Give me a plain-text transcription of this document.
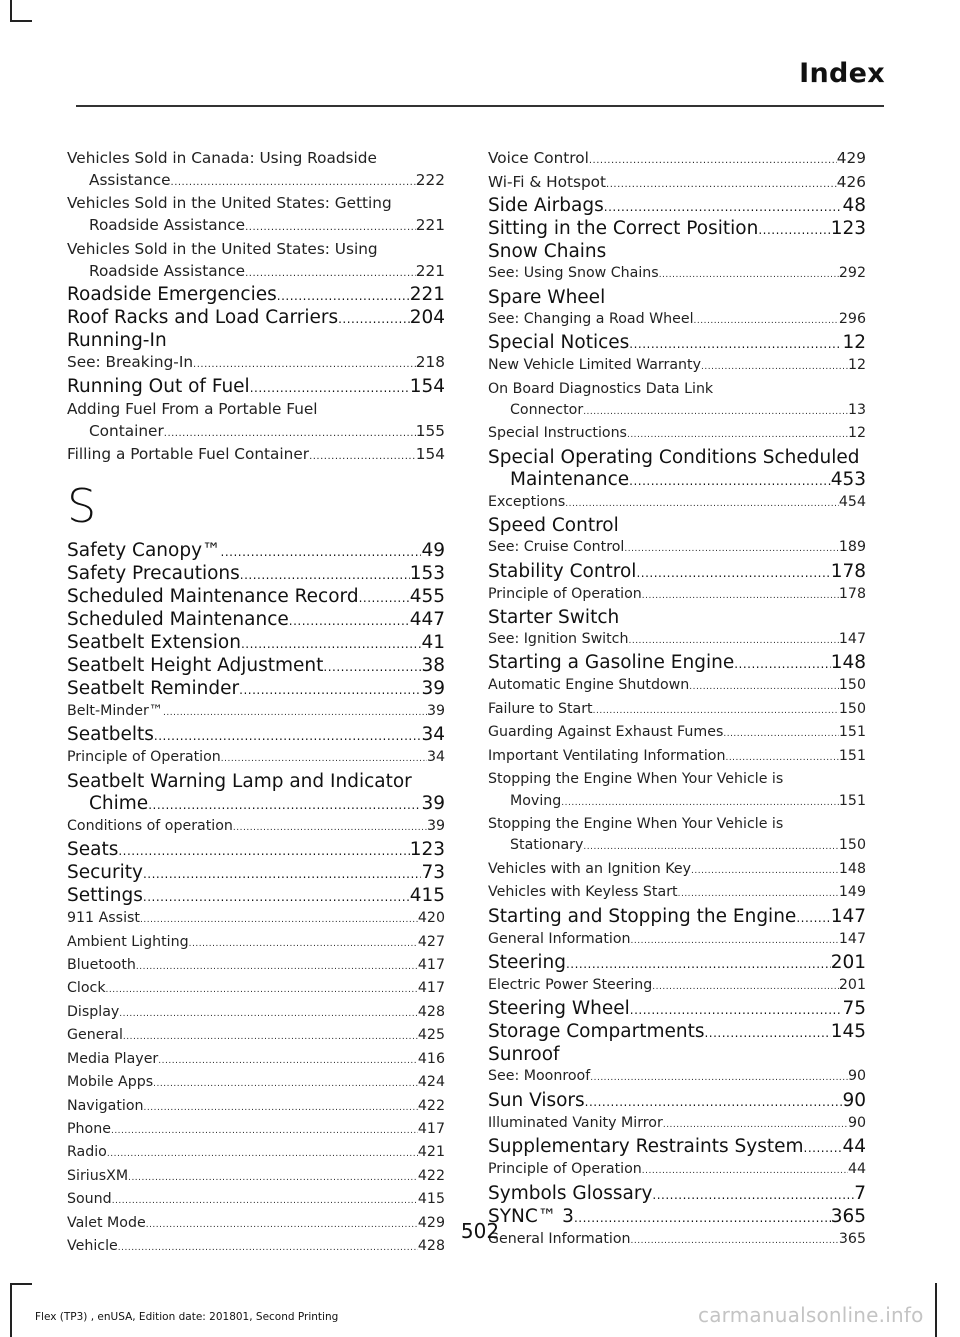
Index
Vehicles Sold in Canada: Using Roadside
Assistance .....	222
Vehicles Sold in the United States: Getting
Roadside Assistance .....	221
Vehicles Sold in the United States: Using
Roadside Assistance .....	221
Roadside Emergencies .....	221
Roof Racks and Load Carriers .....	204
Running-In
See: Breaking-In .....	218
Running Out of Fuel .....	154
Adding Fuel From a Portable Fuel
Container .....	155
Filling a Portable Fuel Container .....	154
S
Safety Canopy™ .....	49
Safety Precautions .....	153
Scheduled Maintenance Record .....	455
Scheduled Maintenance .....	447
Seatbelt Extension .....	41
Seatbelt Height Adjustment .....	38
Seatbelt Reminder .....	39
Belt-Minder™ .....	39
Seatbelts .....	34
Principle of Operation .....	34
Seatbelt Warning Lamp and Indicator
Chime .....	39
Conditions of operation .....	39
Seats .....	123
Security .....	73
Settings .....	415
911 Assist .....	420
Ambient Lighting .....	427
Bluetooth .....	417
Clock .....	417
Display .....	428
General .....	425
Media Player .....	416
Mobile Apps .....	424
Navigation .....	422
Phone .....	417
Radio .....	421
SiriusXM .....	422
Sound .....	415
Valet Mode .....	429
Vehicle .....	428
Voice Control .....	429
Wi-Fi & Hotspot .....	426
Side Airbags .....	48
Sitting in the Correct Position .....	123
Snow Chains
See: Using Snow Chains .....	292
Spare Wheel
See: Changing a Road Wheel .....	296
Special Notices .....	12
New Vehicle Limited Warranty .....	12
On Board Diagnostics Data Link
Connector .....	13
Special Instructions .....	12
Special Operating Conditions Scheduled
Maintenance .....	453
Exceptions .....	454
Speed Control
See: Cruise Control .....	189
Stability Control .....	178
Principle of Operation .....	178
Starter Switch
See: Ignition Switch .....	147
Starting a Gasoline Engine .....	148
Automatic Engine Shutdown .....	150
Failure to Start .....	150
Guarding Against Exhaust Fumes .....	151
Important Ventilating Information .....	151
Stopping the Engine When Your Vehicle is
Moving .....	151
Stopping the Engine When Your Vehicle is
Stationary .....	150
Vehicles with an Ignition Key .....	148
Vehicles with Keyless Start .....	149
Starting and Stopping the Engine ..... 147
General Information .....	147
Steering .....	201
Electric Power Steering .....	201
Steering Wheel .....	75
Storage Compartments .....	145
Sunroof
See: Moonroof .....	90
Sun Visors .....	90
Illuminated Vanity Mirror .....	90
Supplementary Restraints System ..... 44
Principle of Operation .....	44
Symbols Glossary .....	7
SYNC™ 3 .....	365
General Information .....	365
502
Flex (TP3) , enUSA, Edition date: 201801, Second Printing	carmanualsonline.info
